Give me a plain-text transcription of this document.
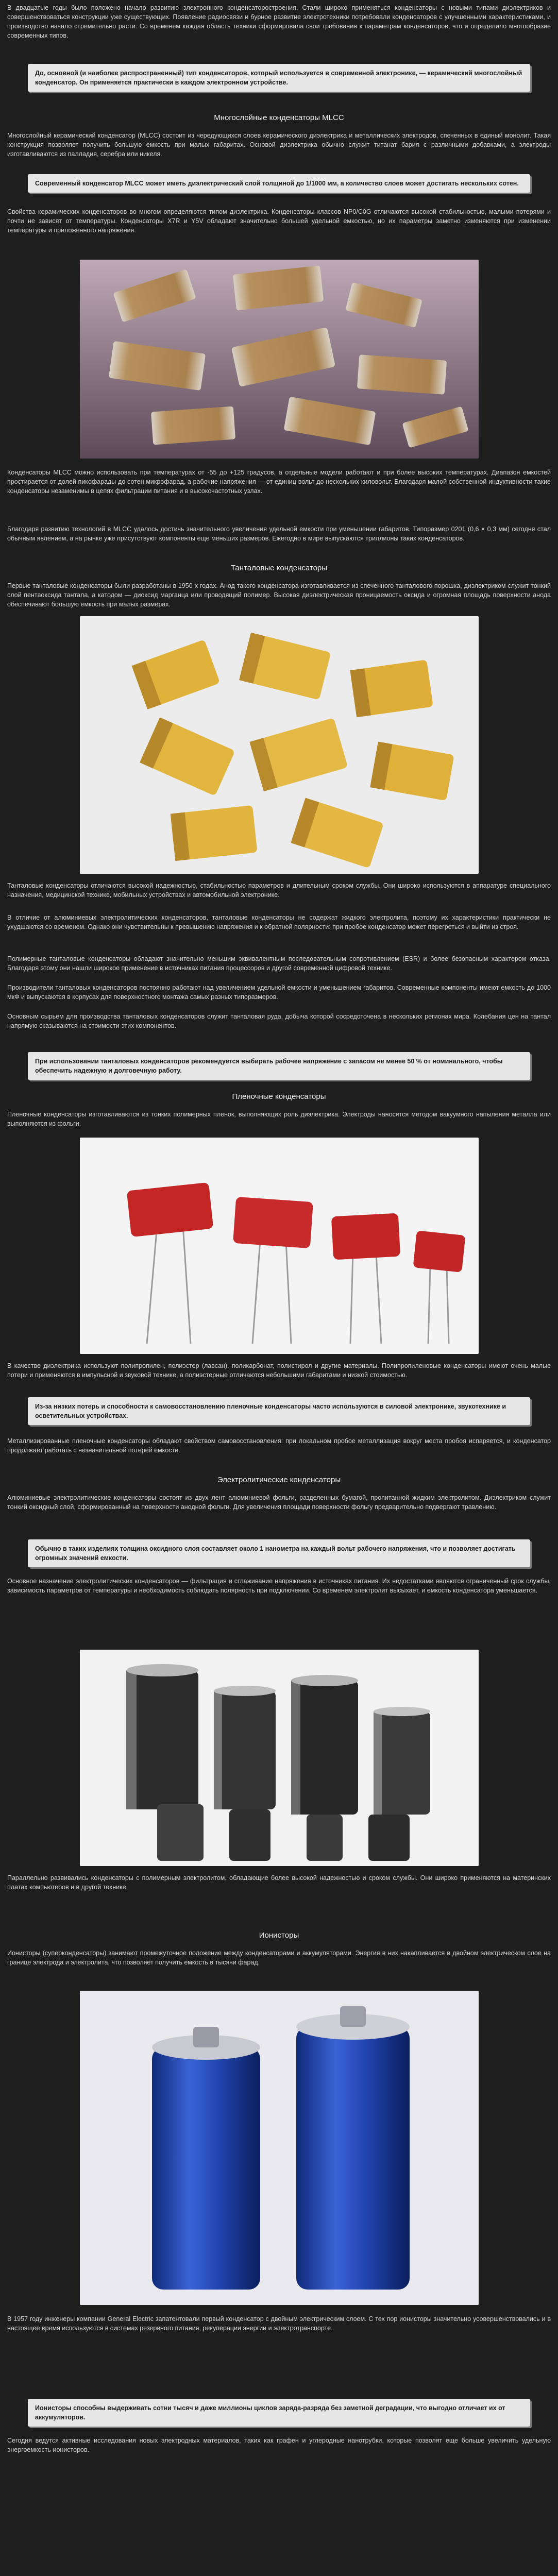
В двадцатые годы было положено начало развитию электронного конденсаторостроения. Стали широко применяться конденсаторы с новыми типами диэлектриков и совершенствоваться конструкции уже существующих. Появление радиосвязи и бурное развитие электротехники потребовали конденсаторов с улучшенными характеристиками, и производство начало стремительно расти. Со временем каждая область техники сформировала свои требования к параметрам конденсаторов, что и определило многообразие современных типов.

До, основной (и наиболее распространенный) тип конденсаторов, который используется в современной электронике, — керамический многослойный конденсатор. Он применяется практически в каждом электронном устройстве.
Многослойные конденсаторы MLCC

Многослойный керамический конденсатор (MLCC) состоит из чередующихся слоев керамического диэлектрика и металлических электродов, спеченных в единый монолит. Такая конструкция позволяет получить большую емкость при малых габаритах. Основой диэлектрика обычно служит титанат бария с различными добавками, а электроды изготавливаются из палладия, серебра или никеля.

Современный конденсатор MLCC может иметь диэлектрический слой толщиной до 1/1000 мм, а количество слоев может достигать нескольких сотен.

Свойства керамических конденсаторов во многом определяются типом диэлектрика. Конденсаторы классов NP0/C0G отличаются высокой стабильностью, малыми потерями и почти не зависят от температуры. Конденсаторы X7R и Y5V обладают значительно большей удельной емкостью, но их параметры заметно изменяются при изменении температуры и приложенного напряжения.

Конденсаторы MLCC можно использовать при температурах от -55 до +125 градусов, а отдельные модели работают и при более высоких температурах. Диапазон емкостей простирается от долей пикофарады до сотен микрофарад, а рабочие напряжения — от единиц вольт до нескольких киловольт. Благодаря малой собственной индуктивности такие конденсаторы незаменимы в цепях фильтрации питания и в высокочастотных узлах.

Благодаря развитию технологий в MLCC удалось достичь значительного увеличения удельной емкости при уменьшении габаритов. Типоразмер 0201 (0,6 × 0,3 мм) сегодня стал обычным явлением, а на рынке уже присутствуют компоненты еще меньших размеров. Ежегодно в мире выпускаются триллионы таких конденсаторов.

Танталовые конденсаторы

Первые танталовые конденсаторы были разработаны в 1950-х годах. Анод такого конденсатора изготавливается из спеченного танталового порошка, диэлектриком служит тонкий слой пентаоксида тантала, а катодом — диоксид марганца или проводящий полимер. Высокая диэлектрическая проницаемость оксида и огромная площадь поверхности анода обеспечивают большую емкость при малых размерах.

Танталовые конденсаторы отличаются высокой надежностью, стабильностью параметров и длительным сроком службы. Они широко используются в аппаратуре специального назначения, медицинской технике, мобильных устройствах и автомобильной электронике.

В отличие от алюминиевых электролитических конденсаторов, танталовые конденсаторы не содержат жидкого электролита, поэтому их характеристики практически не ухудшаются со временем. Однако они чувствительны к превышению напряжения и к обратной полярности: при пробое конденсатор может перегреться и выйти из строя.

Полимерные танталовые конденсаторы обладают значительно меньшим эквивалентным последовательным сопротивлением (ESR) и более безопасным характером отказа. Благодаря этому они нашли широкое применение в источниках питания процессоров и другой современной цифровой технике.

Производители танталовых конденсаторов постоянно работают над увеличением удельной емкости и уменьшением габаритов. Современные компоненты имеют емкость до 1000 мкФ и выпускаются в корпусах для поверхностного монтажа самых разных типоразмеров.

Основным сырьем для производства танталовых конденсаторов служит танталовая руда, добыча которой сосредоточена в нескольких регионах мира. Колебания цен на тантал напрямую сказываются на стоимости этих компонентов.

При использовании танталовых конденсаторов рекомендуется выбирать рабочее напряжение с запасом не менее 50 % от номинального, чтобы обеспечить надежную и долговечную работу.
Пленочные конденсаторы

Пленочные конденсаторы изготавливаются из тонких полимерных пленок, выполняющих роль диэлектрика. Электроды наносятся методом вакуумного напыления металла или выполняются из фольги.

В качестве диэлектрика используют полипропилен, полиэстер (лавсан), поликарбонат, полистирол и другие материалы. Полипропиленовые конденсаторы имеют очень малые потери и применяются в импульсной и звуковой технике, а полиэстерные отличаются небольшими габаритами и низкой стоимостью.

Из-за низких потерь и способности к самовосстановлению пленочные конденсаторы часто используются в силовой электронике, звукотехнике и осветительных устройствах.

Металлизированные пленочные конденсаторы обладают свойством самовосстановления: при локальном пробое металлизация вокруг места пробоя испаряется, и конденсатор продолжает работать с незначительной потерей емкости.

Электролитические конденсаторы

Алюминиевые электролитические конденсаторы состоят из двух лент алюминиевой фольги, разделенных бумагой, пропитанной жидким электролитом. Диэлектриком служит тонкий оксидный слой, сформированный на поверхности анодной фольги. Для увеличения площади поверхности фольгу предварительно подвергают травлению.

Обычно в таких изделиях толщина оксидного слоя составляет около 1 нанометра на каждый вольт рабочего напряжения, что и позволяет достигать огромных значений емкости.

Основное назначение электролитических конденсаторов — фильтрация и сглаживание напряжения в источниках питания. Их недостатками являются ограниченный срок службы, зависимость параметров от температуры и необходимость соблюдать полярность при подключении. Со временем электролит высыхает, и емкость конденсатора уменьшается.

Параллельно развивались конденсаторы с полимерным электролитом, обладающие более высокой надежностью и сроком службы. Они широко применяются на материнских платах компьютеров и в другой технике.

Ионисторы

Ионисторы (суперконденсаторы) занимают промежуточное положение между конденсаторами и аккумуляторами. Энергия в них накапливается в двойном электрическом слое на границе электрода и электролита, что позволяет получить емкость в тысячи фарад.

В 1957 году инженеры компании General Electric запатентовали первый конденсатор с двойным электрическим слоем. С тех пор ионисторы значительно усовершенствовались и в настоящее время используются в системах резервного питания, рекуперации энергии и электротранспорте.

Ионисторы способны выдерживать сотни тысяч и даже миллионы циклов заряда-разряда без заметной деградации, что выгодно отличает их от аккумуляторов.

Сегодня ведутся активные исследования новых электродных материалов, таких как графен и углеродные нанотрубки, которые позволят еще больше увеличить удельную энергоемкость ионисторов.
